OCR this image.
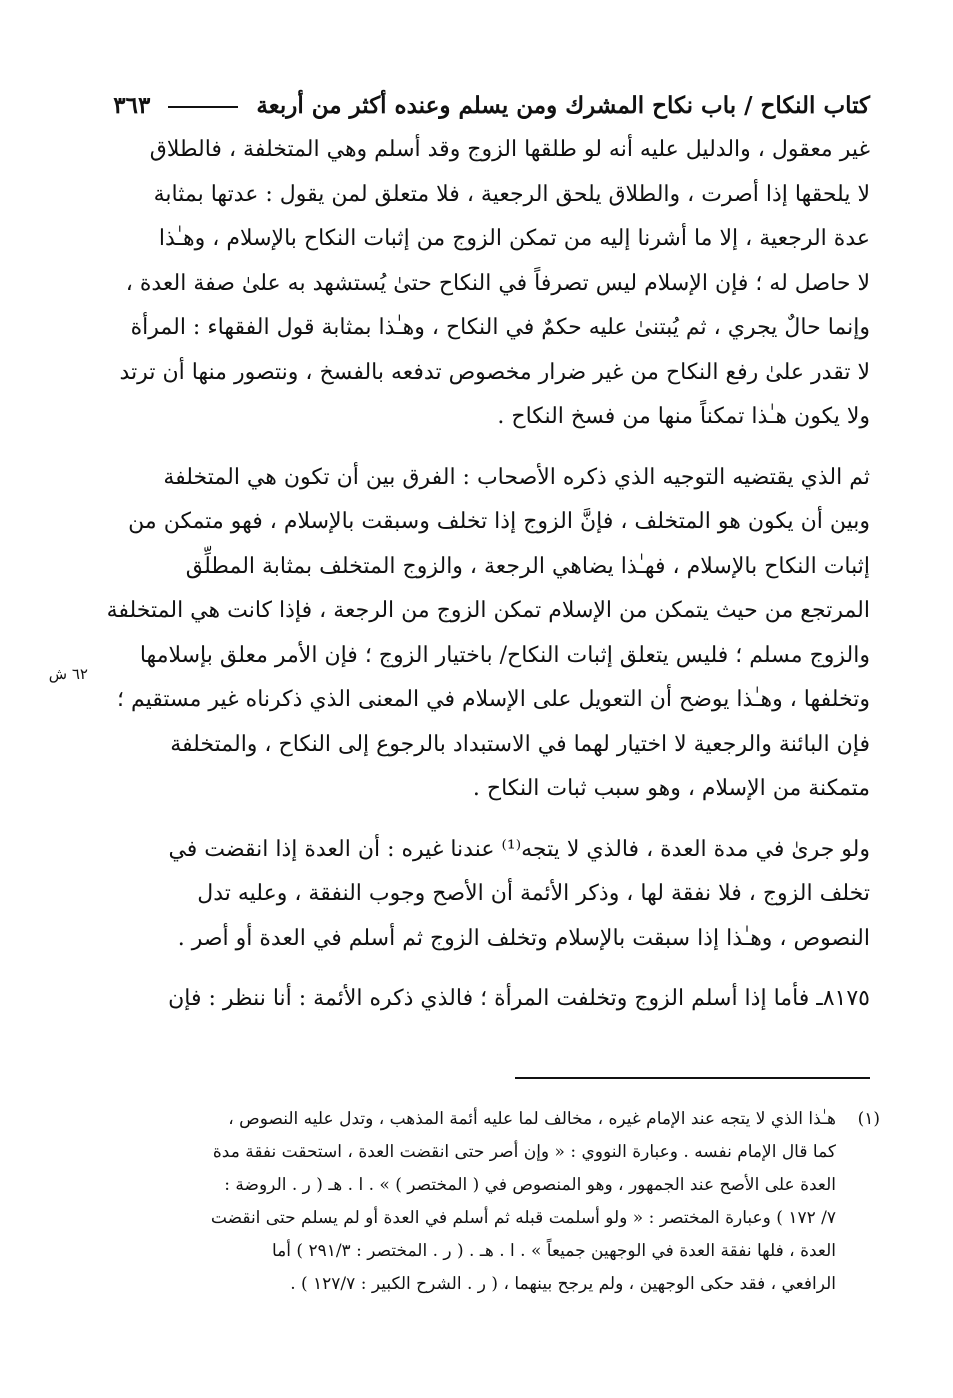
كتاب النكاح / باب نكاح المشرك ومن يسلم وعنده أكثر من أربعة  ٣٦٣
غير معقول ، والدليل عليه أنه لو طلقها الزوج وقد أسلم وهي المتخلفة ، فالطلاق
لا يلحقها إذا أصرت ، والطلاق يلحق الرجعية ، فلا متعلق لمن يقول : عدتها بمثابة
عدة الرجعية ، إلا ما أشرنا إليه من تمكن الزوج من إثبات النكاح بالإسلام ، وهـٰذا
لا حاصل له ؛ فإن الإسلام ليس تصرفاً في النكاح حتىٰ يُستشهد به علىٰ صفة العدة ،
وإنما حالٌ يجري ، ثم يُبتنىٰ عليه حكمٌ في النكاح ، وهـٰذا بمثابة قول الفقهاء : المرأة
لا تقدر علىٰ رفع النكاح من غير ضرار مخصوص تدفعه بالفسخ ، ونتصور منها أن ترتد
ولا يكون هـٰذا تمكناً منها من فسخ النكاح .
ثم الذي يقتضيه التوجيه الذي ذكره الأصحاب : الفرق بين أن تكون هي المتخلفة
وبين أن يكون هو المتخلف ، فإنَّ الزوج إذا تخلف وسبقت بالإسلام ، فهو متمكن من
إثبات النكاح بالإسلام ، فهـٰذا يضاهي الرجعة ، والزوج المتخلف بمثابة المطلِّق
المرتجع من حيث يتمكن من الإسلام تمكن الزوج من الرجعة ، فإذا كانت هي المتخلفة
والزوج مسلم ؛ فليس يتعلق إثبات النكاح/ باختيار الزوج ؛ فإن الأمر معلق بإسلامها
وتخلفها ، وهـٰذا يوضح أن التعويل على الإسلام في المعنى الذي ذكرناه غير مستقيم ؛
فإن البائنة والرجعية لا اختيار لهما في الاستبداد بالرجوع إلى النكاح ، والمتخلفة
متمكنة من الإسلام ، وهو سبب ثبات النكاح .
ولو جرىٰ في مدة العدة ، فالذي لا يتجه⁽¹⁾ عندنا غيره : أن العدة إذا انقضت في
تخلف الزوج ، فلا نفقة لها ، وذكر الأئمة أن الأصح وجوب النفقة ، وعليه تدل
النصوص ، وهـٰذا إذا سبقت بالإسلام وتخلف الزوج ثم أسلم في العدة أو أصر .
٨١٧٥ـ فأما إذا أسلم الزوج وتخلفت المرأة ؛ فالذي ذكره الأئمة : أنا ننظر : فإن
٦٢ ش
(١)
هـٰذا الذي لا يتجه عند الإمام غيره ، مخالف لما عليه أئمة المذهب ، وتدل عليه النصوص ،
كما قال الإمام نفسه . وعبارة النووي : « وإن أصر حتى انقضت العدة ، استحقت نفقة مدة
العدة على الأصح عند الجمهور ، وهو المنصوص في ( المختصر ) » . ا . هـ ( ر . الروضة :
٧/ ١٧٢ ) وعبارة المختصر : « ولو أسلمت قبله ثم أسلم في العدة أو لم يسلم حتى انقضت
العدة ، فلها نفقة العدة في الوجهين جميعاً » . ا . هـ . ( ر . المختصر : ٢٩١/٣ ) أما
الرافعي ، فقد حكى الوجهين ، ولم يرجح بينهما ، ( ر . الشرح الكبير : ١٢٧/٧ ) .
